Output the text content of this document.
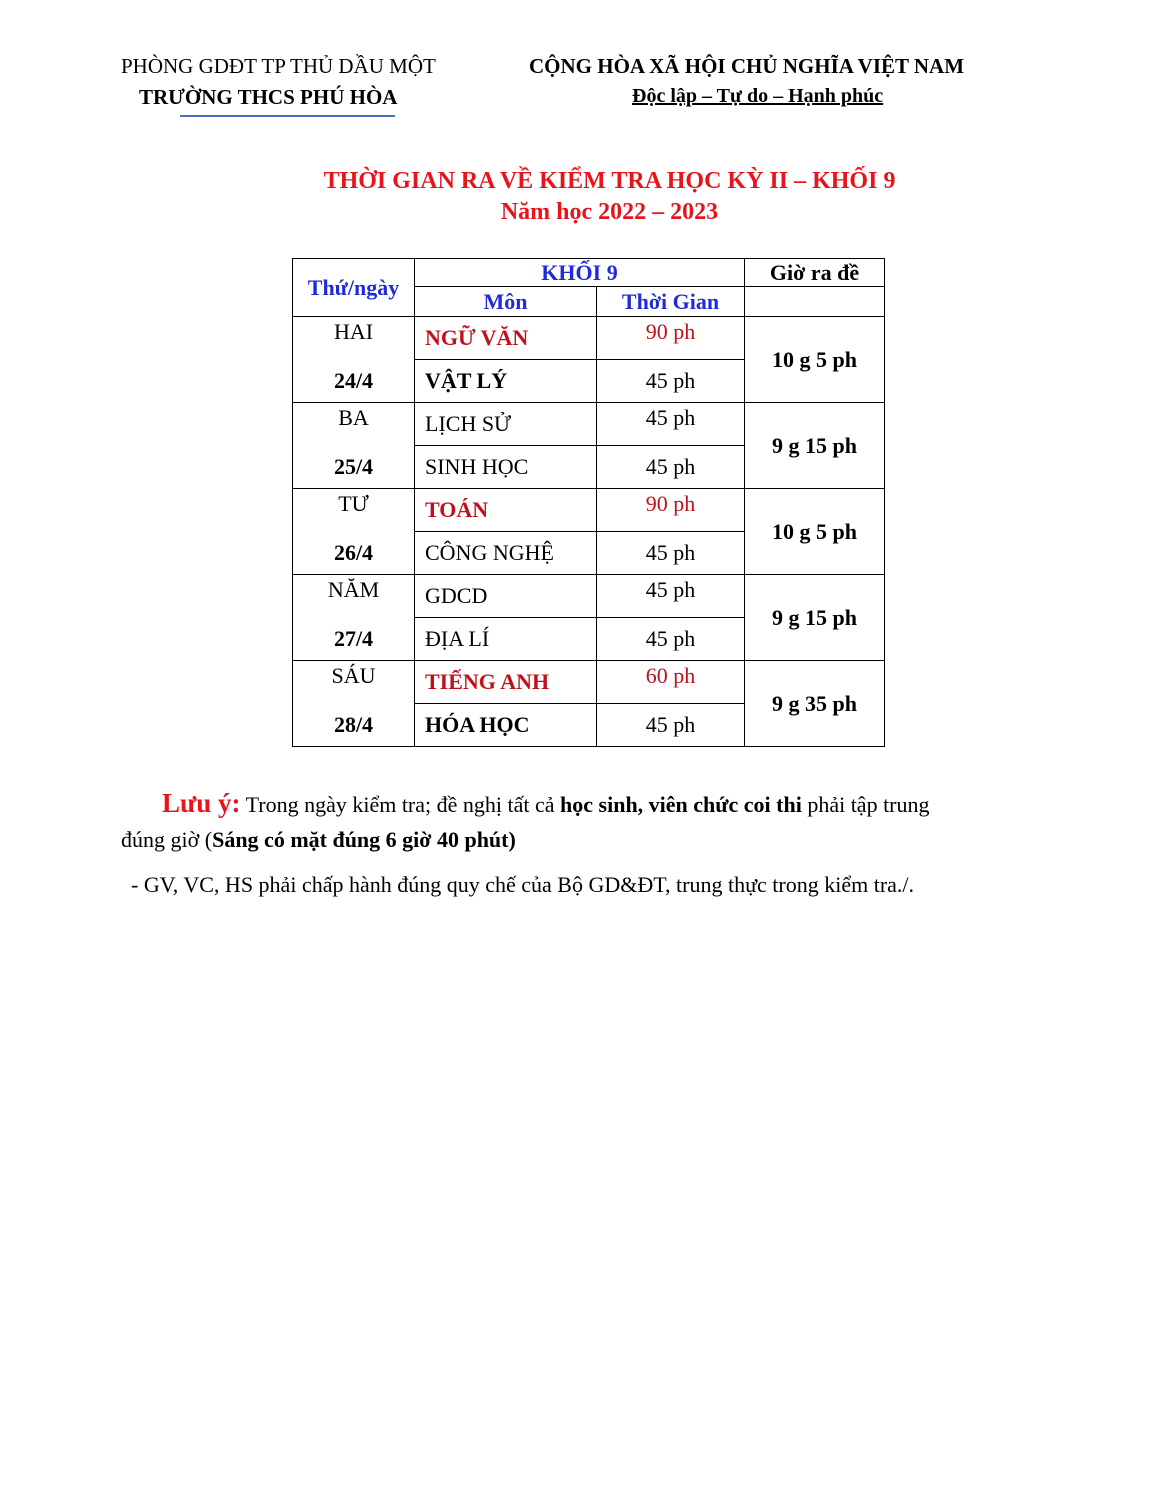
PHÒNG GDĐT TP THỦ DẦU MỘT
TRƯỜNG THCS PHÚ HÒA
CỘNG HÒA XÃ HỘI CHỦ NGHĨA VIỆT NAM
Độc lập – Tự do – Hạnh phúc
THỜI GIAN RA VỀ KIỂM TRA HỌC KỲ II – KHỐI 9
Năm học 2022 – 2023
Thứ/ngày	KHỐI 9		Giờ ra đề
	Môn	Thời Gian	
HAI	NGỮ VĂN	90 ph	10 g 5 ph
24/4	VẬT LÝ	45 ph	
BA	LỊCH SỬ	45 ph	9 g 15 ph
25/4	SINH HỌC	45 ph	
TƯ	TOÁN	90 ph	10 g 5 ph
26/4	CÔNG NGHỆ	45 ph	
NĂM	GDCD	45 ph	9 g 15 ph
27/4	ĐỊA LÍ	45 ph	
SÁU	TIẾNG ANH	60 ph	9 g 35 ph
28/4	HÓA HỌC	45 ph	
Lưu ý: Trong ngày kiểm tra; đề nghị tất cả học sinh, viên chức coi thi phải tập trung
đúng giờ (Sáng có mặt đúng 6 giờ 40 phút)
- GV, VC, HS phải chấp hành đúng quy chế của Bộ GD&ĐT, trung thực trong kiểm tra./.
